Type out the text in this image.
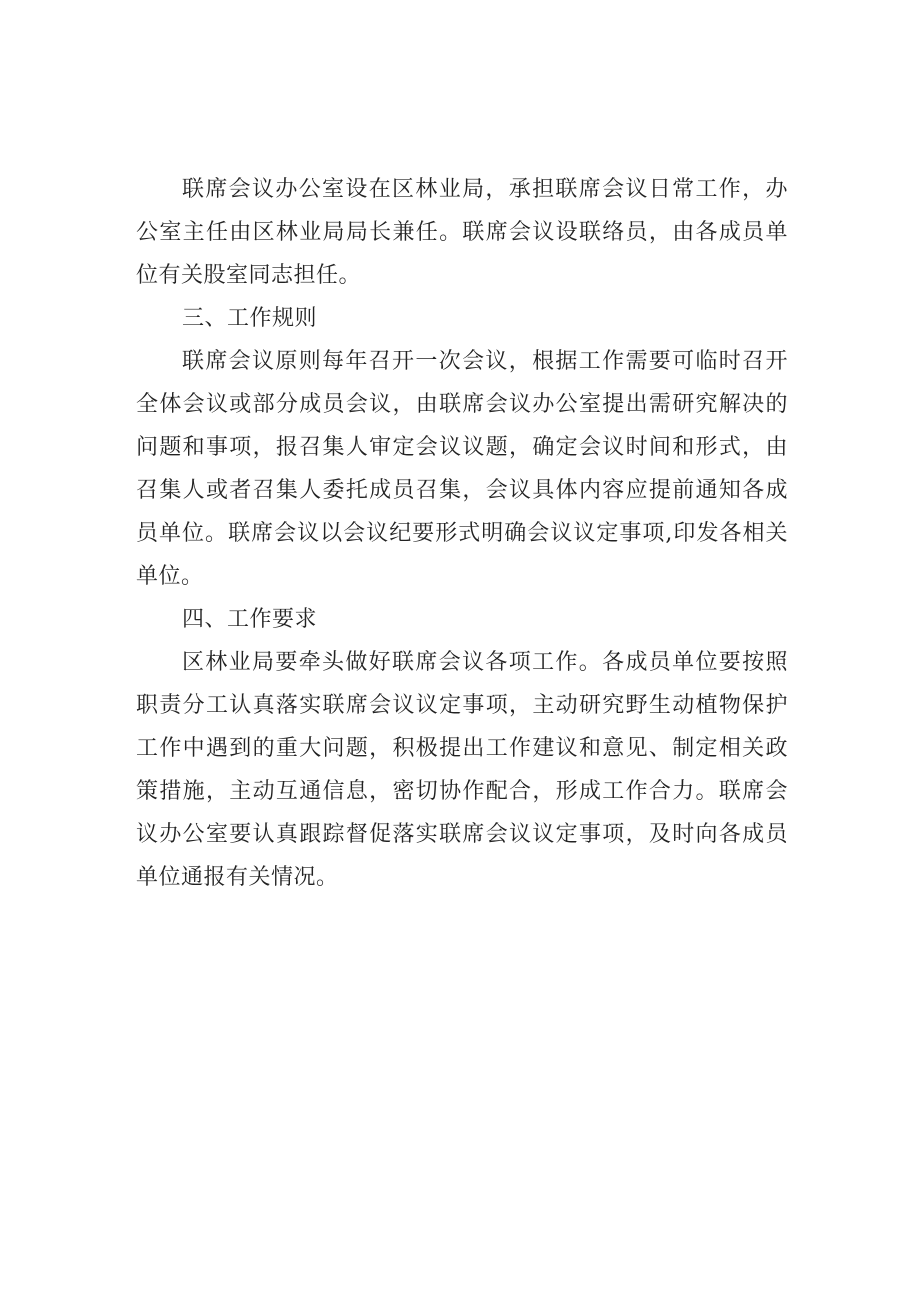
联席会议办公室设在区林业局，承担联席会议日常工作，办
公室主任由区林业局局长兼任。联席会议设联络员，由各成员单
位有关股室同志担任。
三、工作规则
联席会议原则每年召开一次会议，根据工作需要可临时召开
全体会议或部分成员会议，由联席会议办公室提出需研究解决的
问题和事项，报召集人审定会议议题，确定会议时间和形式，由
召集人或者召集人委托成员召集，会议具体内容应提前通知各成
员单位。联席会议以会议纪要形式明确会议议定事项,印发各相关
单位。
四、工作要求
区林业局要牵头做好联席会议各项工作。各成员单位要按照
职责分工认真落实联席会议议定事项，主动研究野生动植物保护
工作中遇到的重大问题，积极提出工作建议和意见、制定相关政
策措施，主动互通信息，密切协作配合，形成工作合力。联席会
议办公室要认真跟踪督促落实联席会议议定事项，及时向各成员
单位通报有关情况。
